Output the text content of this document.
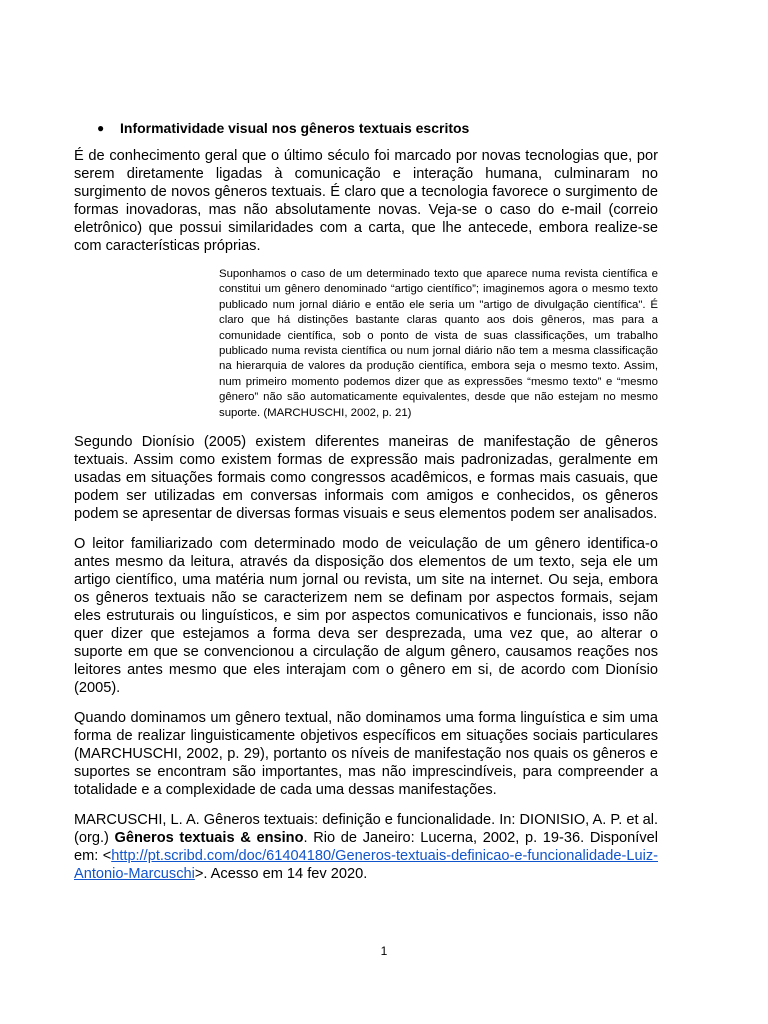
● Informatividade visual nos gêneros textuais escritos

É de conhecimento geral que o último século foi marcado por novas tecnologias que, por serem diretamente ligadas à comunicação e interação humana, culminaram no surgimento de novos gêneros textuais. É claro que a tecnologia favorece o surgimento de formas inovadoras, mas não absolutamente novas. Veja-se o caso do e-mail (correio eletrônico) que possui similaridades com a carta, que lhe antecede, embora realize-se com características próprias.

Suponhamos o caso de um determinado texto que aparece numa revista científica e constitui um gênero denominado “artigo científico”; imaginemos agora o mesmo texto publicado num jornal diário e então ele seria um "artigo de divulgação científica". É claro que há distinções bastante claras quanto aos dois gêneros, mas para a comunidade científica, sob o ponto de vista de suas classificações, um trabalho publicado numa revista científica ou num jornal diário não tem a mesma classificação na hierarquia de valores da produção científica, embora seja o mesmo texto. Assim, num primeiro momento podemos dizer que as expressões “mesmo texto” e “mesmo gênero” não são automaticamente equivalentes, desde que não estejam no mesmo suporte. (MARCHUSCHI, 2002, p. 21)

Segundo Dionísio (2005) existem diferentes maneiras de manifestação de gêneros textuais. Assim como existem formas de expressão mais padronizadas, geralmente em usadas em situações formais como congressos acadêmicos, e formas mais casuais, que podem ser utilizadas em conversas informais com amigos e conhecidos, os gêneros podem se apresentar de diversas formas visuais e seus elementos podem ser analisados.

O leitor familiarizado com determinado modo de veiculação de um gênero identifica-o antes mesmo da leitura, através da disposição dos elementos de um texto, seja ele um artigo científico, uma matéria num jornal ou revista, um site na internet. Ou seja, embora os gêneros textuais não se caracterizem nem se definam por aspectos formais, sejam eles estruturais ou linguísticos, e sim por aspectos comunicativos e funcionais, isso não quer dizer que estejamos a forma deva ser desprezada, uma vez que, ao alterar o suporte em que se convencionou a circulação de algum gênero, causamos reações nos leitores antes mesmo que eles interajam com o gênero em si, de acordo com Dionísio (2005).

Quando dominamos um gênero textual, não dominamos uma forma linguística e sim uma forma de realizar linguisticamente objetivos específicos em situações sociais particulares (MARCHUSCHI, 2002, p. 29), portanto os níveis de manifestação nos quais os gêneros e suportes se encontram são importantes, mas não imprescindíveis, para compreender a totalidade e a complexidade de cada uma dessas manifestações.

MARCUSCHI, L. A. Gêneros textuais: definição e funcionalidade. In: DIONISIO, A. P. et al. (org.) Gêneros textuais & ensino. Rio de Janeiro: Lucerna, 2002, p. 19-36. Disponível em: <http://pt.scribd.com/doc/61404180/Generos-textuais-definicao-e-funcionalidade-Luiz-Antonio-Marcuschi>. Acesso em 14 fev 2020.

1
